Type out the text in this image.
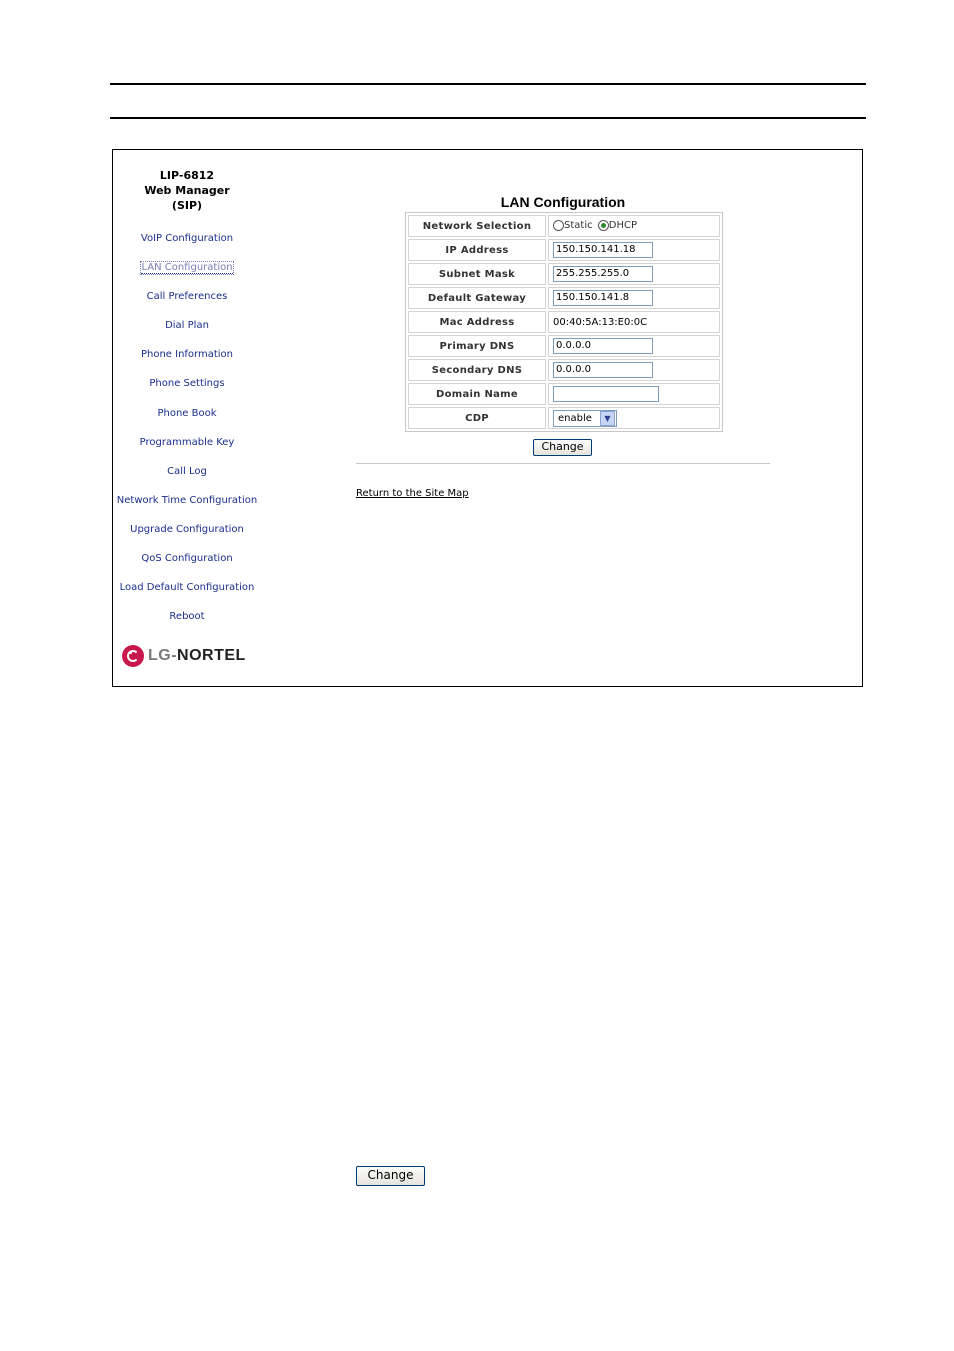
LIP-6812
Web Manager
(SIP)
VoIP Configuration
LAN Configuration
Call Preferences
Dial Plan
Phone Information
Phone Settings
Phone Book
Programmable Key
Call Log
Network Time Configuration
Upgrade Configuration
QoS Configuration
Load Default Configuration
Reboot
LG-NORTEL
LAN Configuration
Network Selection	Static DHCP
IP Address	150.150.141.18
Subnet Mask	255.255.255.0
Default Gateway	150.150.141.8
Mac Address	00:40:5A:13:E0:0C
Primary DNS	0.0.0.0
Secondary DNS	0.0.0.0
Domain Name	
CDP	enable ▼
Change
Return to the Site Map
Change
